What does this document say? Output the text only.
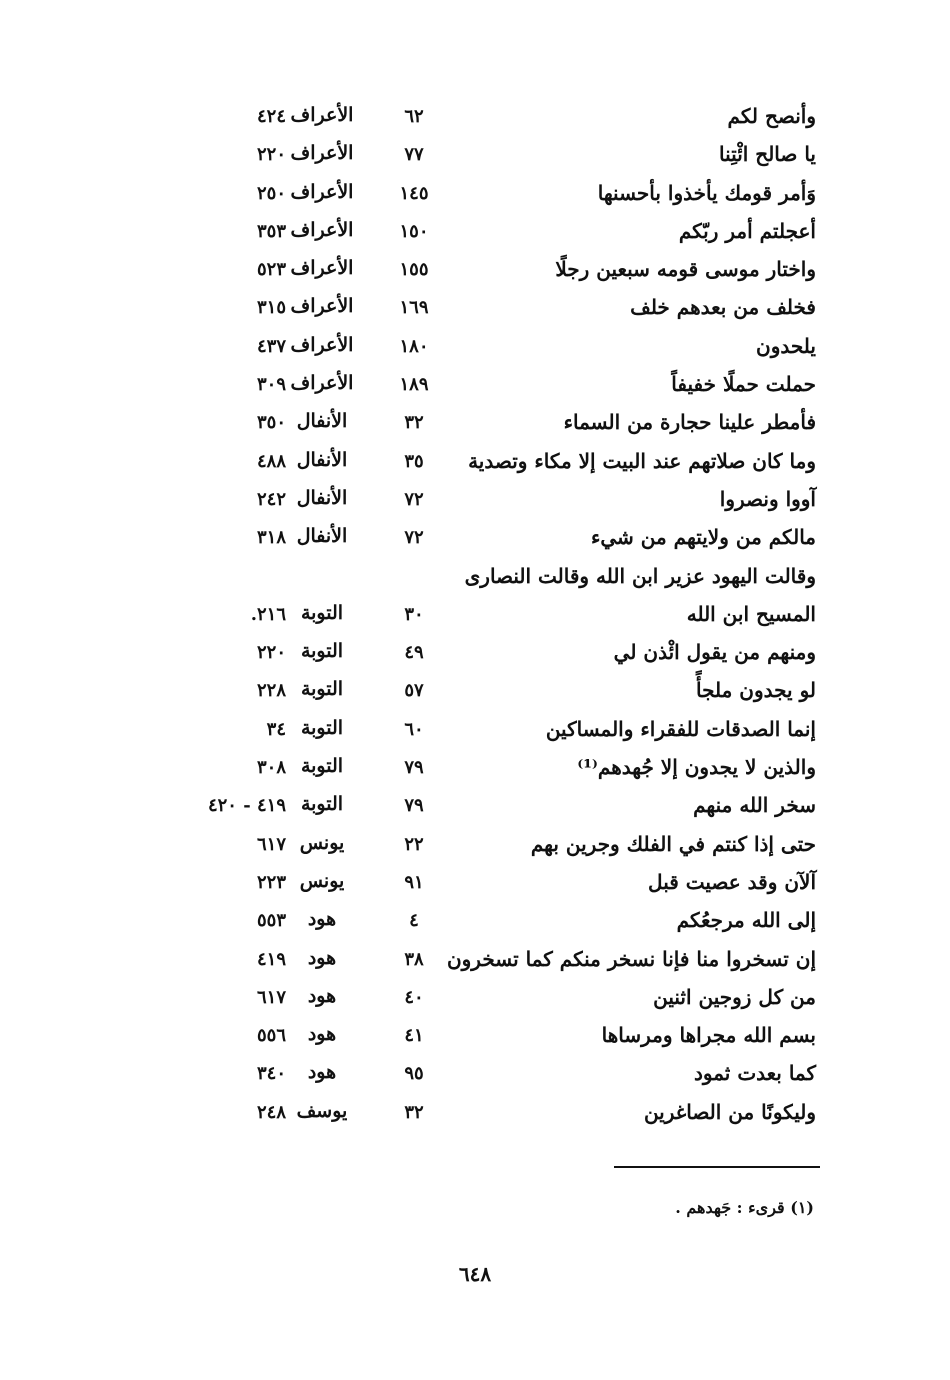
وأنصح لكم
٦٢
الأعراف
٤٢٤
يا صالح ائْتِنا
٧٧
الأعراف
٢٢٠
وَأمر قومك يأخذوا بأحسنها
١٤٥
الأعراف
٢٥٠
أعجلتم أمر ربّكم
١٥٠
الأعراف
٣٥٣
واختار موسى قومه سبعين رجلًا
١٥٥
الأعراف
٥٢٣
فخلف من بعدهم خلف
١٦٩
الأعراف
٣١٥
يلحدون
١٨٠
الأعراف
٤٣٧
حملت حملًا خفيفاً
١٨٩
الأعراف
٣٠٩
فأمطر علينا حجارة من السماء
٣٢
الأنفال
٣٥٠
وما كان صلاتهم عند البيت إلا مكاء وتصدية
٣٥
الأنفال
٤٨٨
آووا ونصروا
٧٢
الأنفال
٢٤٢
مالكم من ولايتهم من شيء
٧٢
الأنفال
٣١٨
وقالت اليهود عزير ابن الله وقالت النصارى
المسيح ابن الله
٣٠
التوبة
٢١٦.
ومنهم من يقول ائْذن لي
٤٩
التوبة
٢٢٠
لو يجدون ملجأً
٥٧
التوبة
٢٢٨
إنما الصدقات للفقراء والمساكين
٦٠
التوبة
٣٤
والذين لا يجدون إلا جُهدهم⁽¹⁾
٧٩
التوبة
٣٠٨
سخر الله منهم
٧٩
التوبة
٤١٩ - ٤٢٠
حتى إذا كنتم في الفلك وجرين بهم
٢٢
يونس
٦١٧
آلآن وقد عصيت قبل
٩١
يونس
٢٢٣
إلى الله مرجعُكم
٤
هود
٥٥٣
إن تسخروا منا فإنا نسخر منكم كما تسخرون
٣٨
هود
٤١٩
من كل زوجين اثنين
٤٠
هود
٦١٧
بسم الله مجراها ومرساها
٤١
هود
٥٥٦
كما بعدت ثمود
٩٥
هود
٣٤٠
وليكونًا من الصاغرين
٣٢
يوسف
٢٤٨
(١) قرىء : جَهدهم .
٦٤٨
